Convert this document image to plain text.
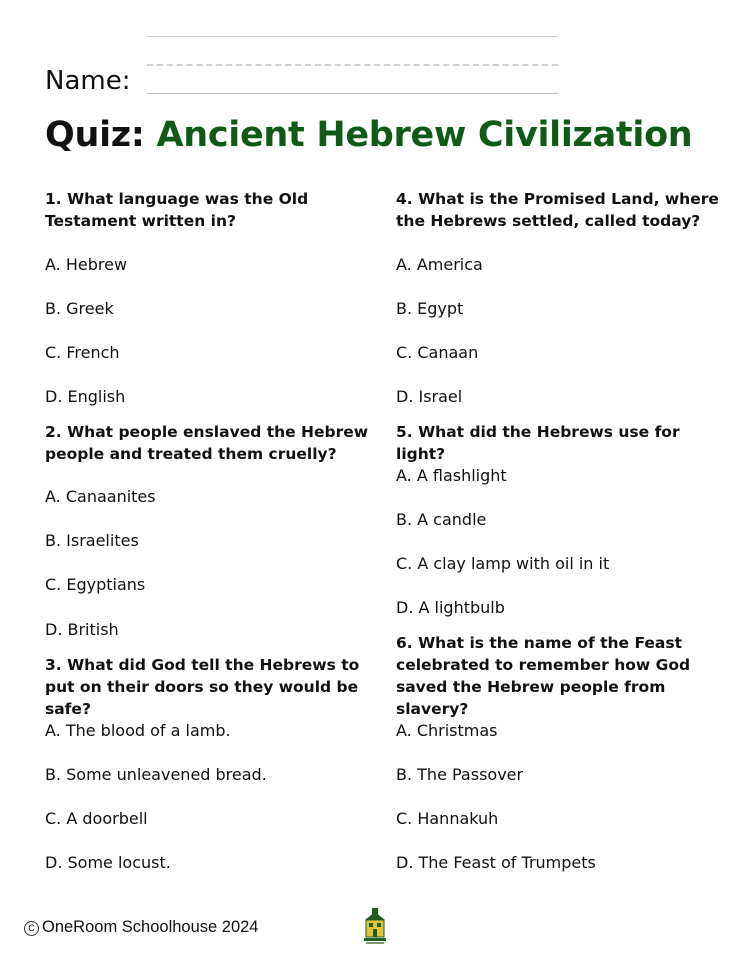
Name:
Quiz: Ancient Hebrew Civilization
1. What language was the Old Testament written in?
A. Hebrew
B. Greek
C. French
D. English
2. What people enslaved the Hebrew people and treated them cruelly?
A. Canaanites
B. Israelites
C. Egyptians
D. British
3. What did God tell the Hebrews to put on their doors so they would be safe?
A. The blood of a lamb.
B. Some unleavened bread.
C. A doorbell
D. Some locust.
4. What is the Promised Land, where the Hebrews settled, called today?
A. America
B. Egypt
C. Canaan
D. Israel
5. What did the Hebrews use for light?
A. A flashlight
B. A candle
C. A clay lamp with oil in it
D. A lightbulb
6. What is the name of the Feast celebrated to remember how God saved the Hebrew people from slavery?
A. Christmas
B. The Passover
C. Hannakuh
D. The Feast of Trumpets
C OneRoom Schoolhouse 2024
